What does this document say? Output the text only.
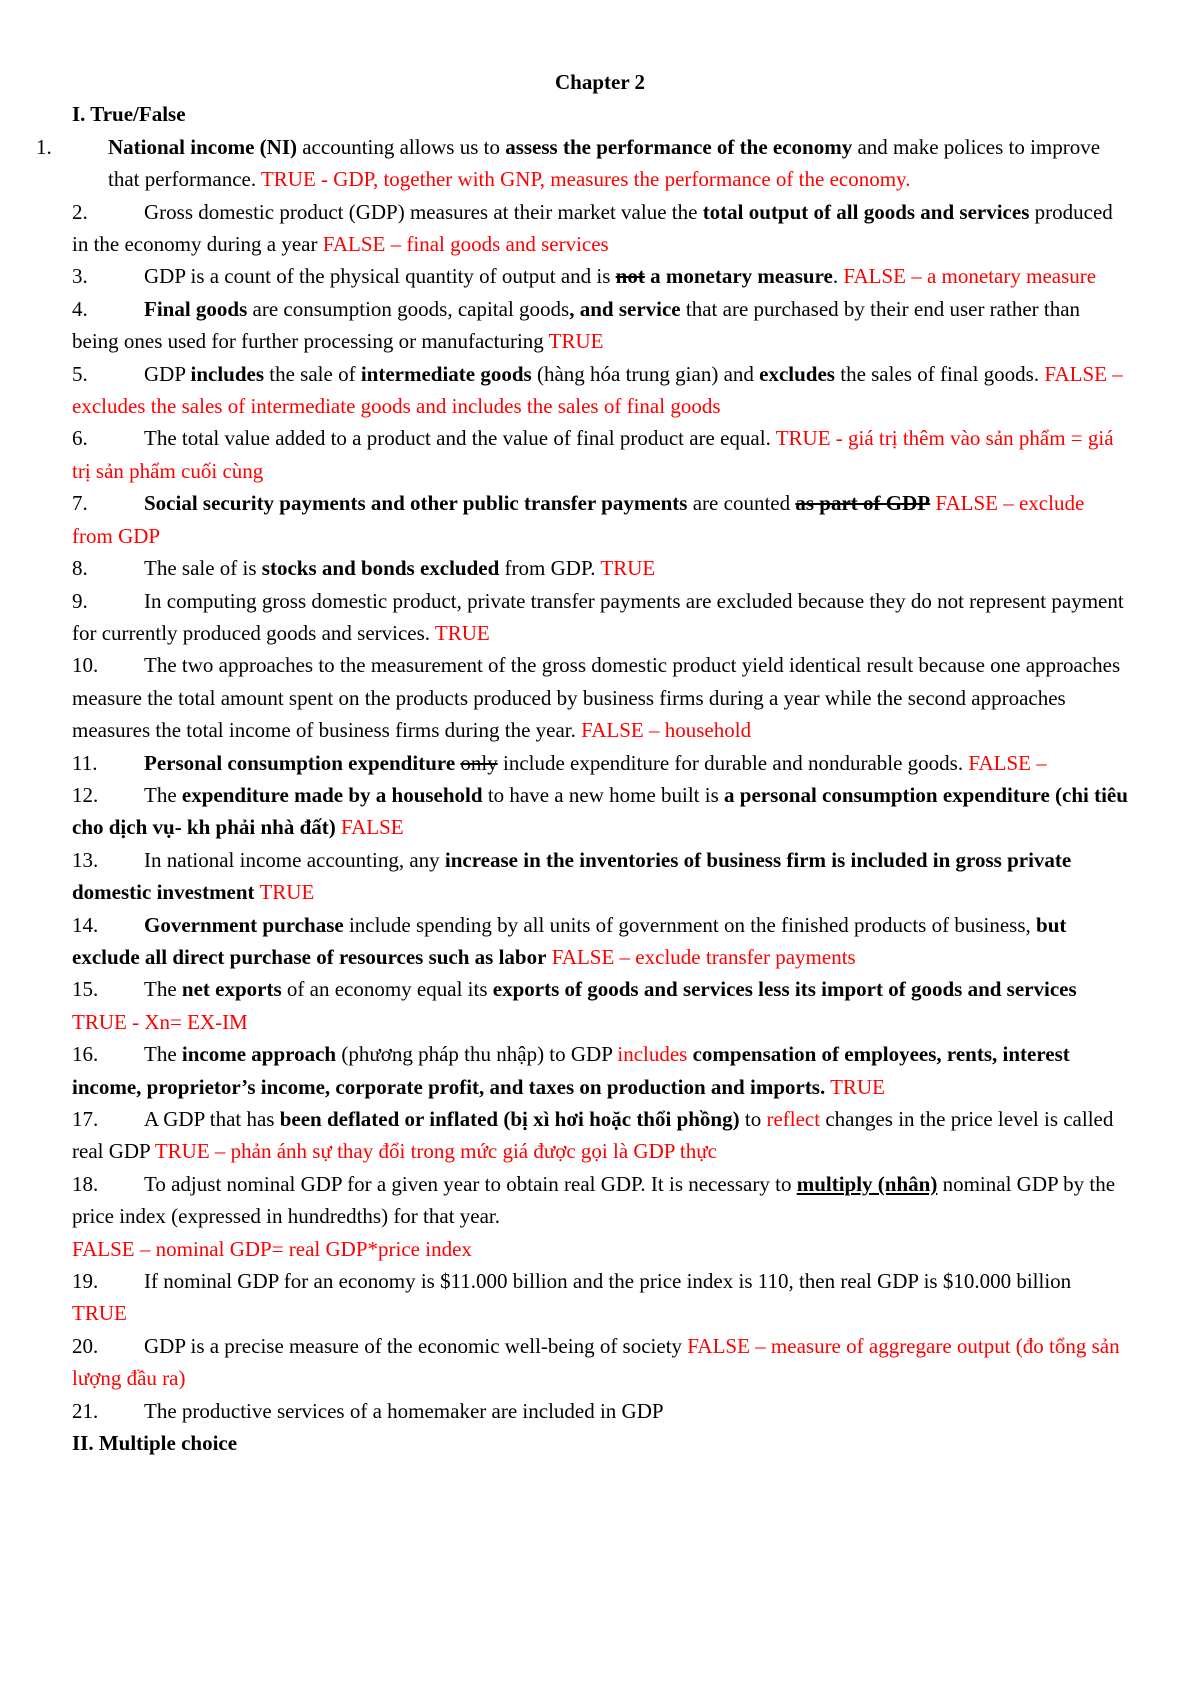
Chapter 2

I. True/False

1.	National income (NI) accounting allows us to assess the performance of the economy and make polices to improve that performance. TRUE - GDP, together with GNP, measures the performance of the economy.

2.	Gross domestic product (GDP) measures at their market value the total output of all goods and services produced in the economy during a year FALSE – final goods and services

3.	GDP is a count of the physical quantity of output and is not a monetary measure. FALSE – a monetary measure

4.	Final goods are consumption goods, capital goods, and service that are purchased by their end user rather than being ones used for further processing or manufacturing TRUE

5.	GDP includes the sale of intermediate goods (hàng hóa trung gian) and excludes the sales of final goods. FALSE – excludes the sales of intermediate goods and includes the sales of final goods

6.	The total value added to a product and the value of final product are equal. TRUE - giá trị thêm vào sản phẩm = giá trị sản phẩm cuối cùng

7.	Social security payments and other public transfer payments are counted as part of GDP FALSE – exclude from GDP

8.	The sale of is stocks and bonds excluded from GDP. TRUE

9.	In computing gross domestic product, private transfer payments are excluded because they do not represent payment for currently produced goods and services. TRUE

10. The two approaches to the measurement of the gross domestic product yield identical result because one approaches measure the total amount spent on the products produced by business firms during a year while the second approaches measures the total income of business firms during the year. FALSE – household

11. Personal consumption expenditure only include expenditure for durable and nondurable goods. FALSE –

12. The expenditure made by a household to have a new home built is a personal consumption expenditure (chi tiêu cho dịch vụ- kh phải nhà đất) FALSE

13. In national income accounting, any increase in the inventories of business firm is included in gross private domestic investment TRUE

14. Government purchase include spending by all units of government on the finished products of business, but exclude all direct purchase of resources such as labor FALSE – exclude transfer payments

15. The net exports of an economy equal its exports of goods and services less its import of goods and services TRUE - Xn= EX-IM

16. The income approach (phương pháp thu nhập) to GDP includes compensation of employees, rents, interest income, proprietor’s income, corporate profit, and taxes on production and imports. TRUE

17. A GDP that has been deflated or inflated (bị xì hơi hoặc thổi phồng) to reflect changes in the price level is called real GDP TRUE – phản ánh sự thay đổi trong mức giá được gọi là GDP thực

18. To adjust nominal GDP for a given year to obtain real GDP. It is necessary to multiply (nhân) nominal GDP by the price index (expressed in hundredths) for that year.

FALSE – nominal GDP= real GDP*price index

19. If nominal GDP for an economy is $11.000 billion and the price index is 110, then real GDP is $10.000 billion TRUE

20. GDP is a precise measure of the economic well-being of society FALSE – measure of aggregare output (đo tổng sản lượng đầu ra)

21. The productive services of a homemaker are included in GDP

II. Multiple choice
